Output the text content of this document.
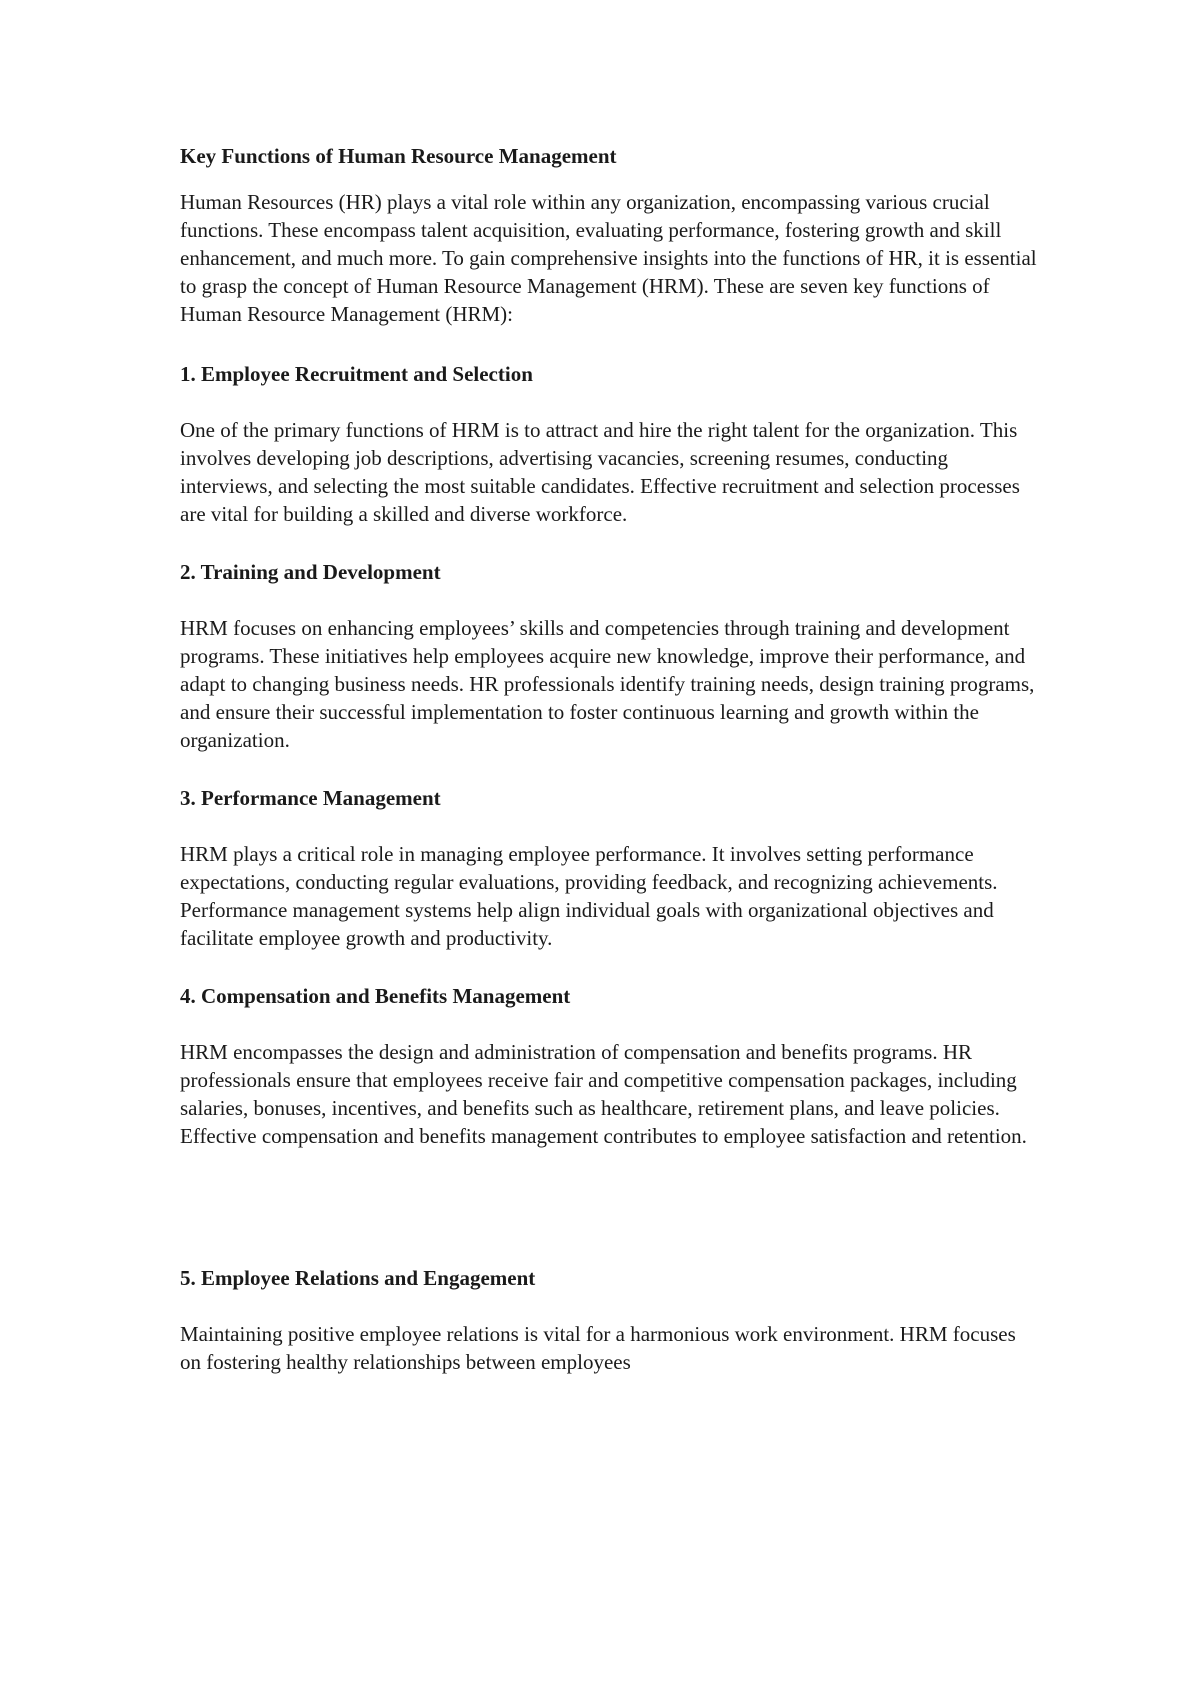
Key Functions of Human Resource Management

Human Resources (HR) plays a vital role within any organization, encompassing various crucial functions. These encompass talent acquisition, evaluating performance, fostering growth and skill enhancement, and much more. To gain comprehensive insights into the functions of HR, it is essential to grasp the concept of Human Resource Management (HRM). These are seven key functions of Human Resource Management (HRM):

1. Employee Recruitment and Selection

One of the primary functions of HRM is to attract and hire the right talent for the organization. This involves developing job descriptions, advertising vacancies, screening resumes, conducting interviews, and selecting the most suitable candidates. Effective recruitment and selection processes are vital for building a skilled and diverse workforce.

2. Training and Development

HRM focuses on enhancing employees’ skills and competencies through training and development programs. These initiatives help employees acquire new knowledge, improve their performance, and adapt to changing business needs. HR professionals identify training needs, design training programs, and ensure their successful implementation to foster continuous learning and growth within the organization.

3. Performance Management

HRM plays a critical role in managing employee performance. It involves setting performance expectations, conducting regular evaluations, providing feedback, and recognizing achievements. Performance management systems help align individual goals with organizational objectives and facilitate employee growth and productivity.

4. Compensation and Benefits Management

HRM encompasses the design and administration of compensation and benefits programs. HR professionals ensure that employees receive fair and competitive compensation packages, including salaries, bonuses, incentives, and benefits such as healthcare, retirement plans, and leave policies. Effective compensation and benefits management contributes to employee satisfaction and retention.

5. Employee Relations and Engagement

Maintaining positive employee relations is vital for a harmonious work environment. HRM focuses on fostering healthy relationships between employees
